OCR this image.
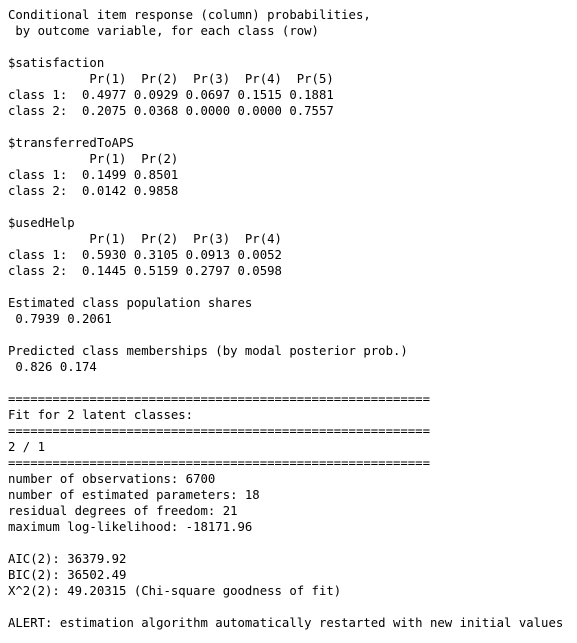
Conditional item response (column) probabilities,
by outcome variable, for each class (row)
$satisfaction
Pr(1)  Pr(2)  Pr(3)  Pr(4)  Pr(5)
class 1:  0.4977 0.0929 0.0697 0.1515 0.1881
class 2:  0.2075 0.0368 0.0000 0.0000 0.7557
$transferredToAPS
Pr(1)  Pr(2)
class 1:  0.1499 0.8501
class 2:  0.0142 0.9858
$usedHelp
Pr(1)  Pr(2)  Pr(3)  Pr(4)
class 1:  0.5930 0.3105 0.0913 0.0052
class 2:  0.1445 0.5159 0.2797 0.0598
Estimated class population shares
0.7939 0.2061
Predicted class memberships (by modal posterior prob.)
0.826 0.174
=========================================================
Fit for 2 latent classes:
=========================================================
2 / 1
=========================================================
number of observations: 6700
number of estimated parameters: 18
residual degrees of freedom: 21
maximum log-likelihood: -18171.96
AIC(2): 36379.92
BIC(2): 36502.49
X^2(2): 49.20315 (Chi-square goodness of fit)
ALERT: estimation algorithm automatically restarted with new initial values
